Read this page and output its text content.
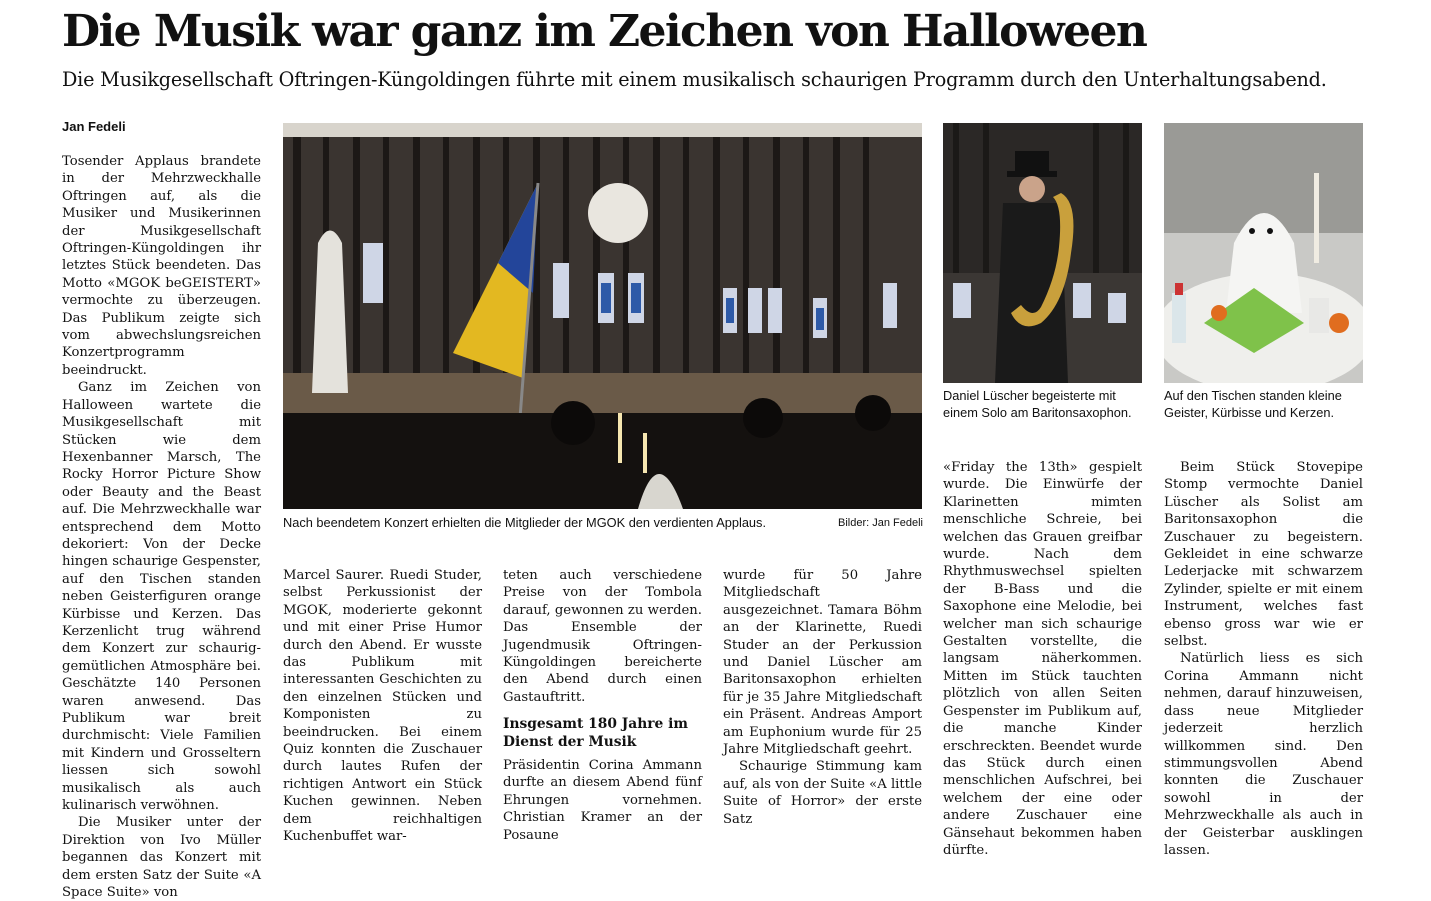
Die Musik war ganz im Zeichen von Halloween

Die Musikgesellschaft Oftringen-Küngoldingen führte mit einem musikalisch schaurigen Programm durch den Unterhaltungsabend.

Jan Fedeli

Tosender Applaus brandete in der Mehrzweckhalle Oftringen auf, als die Musiker und Musikerinnen der Musikgesellschaft Oftringen-Küngoldingen ihr letztes Stück beendeten. Das Motto «MGOK beGEISTERT» vermochte zu überzeugen. Das Publikum zeigte sich vom abwechslungsreichen Konzertprogramm beeindruckt.

Ganz im Zeichen von Halloween wartete die Musikgesellschaft mit Stücken wie dem Hexenbanner Marsch, The Rocky Horror Picture Show oder Beauty and the Beast auf. Die Mehrzweckhalle war entsprechend dem Motto dekoriert: Von der Decke hingen schaurige Gespenster, auf den Tischen standen neben Geisterfiguren orange Kürbisse und Kerzen. Das Kerzenlicht trug während dem Konzert zur schaurig-gemütlichen Atmosphäre bei. Geschätzte 140 Personen waren anwesend. Das Publikum war breit durchmischt: Viele Familien mit Kindern und Grosseltern liessen sich sowohl musikalisch als auch kulinarisch verwöhnen.

Die Musiker unter der Direktion von Ivo Müller begannen das Konzert mit dem ersten Satz der Suite «A Space Suite» von

Nach beendetem Konzert erhielten die Mitglieder der MGOK den verdienten Applaus.	Bilder: Jan Fedeli
Daniel Lüscher begeisterte mit einem Solo am Baritonsaxophon.
Auf den Tischen standen kleine Geister, Kürbisse und Kerzen.

Marcel Saurer. Ruedi Studer, selbst Perkussionist der MGOK, moderierte gekonnt und mit einer Prise Humor durch den Abend. Er wusste das Publikum mit interessanten Geschichten zu den einzelnen Stücken und Komponisten zu beeindrucken. Bei einem Quiz konnten die Zuschauer durch lautes Rufen der richtigen Antwort ein Stück Kuchen gewinnen. Neben dem reichhaltigen Kuchenbuffet war-

teten auch verschiedene Preise von der Tombola darauf, gewonnen zu werden. Das Ensemble der Jugendmusik Oftringen-Küngoldingen bereicherte den Abend durch einen Gastauftritt.

Insgesamt 180 Jahre im Dienst der Musik

Präsidentin Corina Ammann durfte an diesem Abend fünf Ehrungen vornehmen. Christian Kramer an der Posaune

wurde für 50 Jahre Mitgliedschaft ausgezeichnet. Tamara Böhm an der Klarinette, Ruedi Studer an der Perkussion und Daniel Lüscher am Baritonsaxophon erhielten für je 35 Jahre Mitgliedschaft ein Präsent. Andreas Amport am Euphonium wurde für 25 Jahre Mitgliedschaft geehrt.

Schaurige Stimmung kam auf, als von der Suite «A little Suite of Horror» der erste Satz

«Friday the 13th» gespielt wurde. Die Einwürfe der Klarinetten mimten menschliche Schreie, bei welchen das Grauen greifbar wurde. Nach dem Rhythmuswechsel spielten der B-Bass und die Saxophone eine Melodie, bei welcher man sich schaurige Gestalten vorstellte, die langsam näherkommen. Mitten im Stück tauchten plötzlich von allen Seiten Gespenster im Publikum auf, die manche Kinder erschreckten. Beendet wurde das Stück durch einen menschlichen Aufschrei, bei welchem der eine oder andere Zuschauer eine Gänsehaut bekommen haben dürfte.

Beim Stück Stovepipe Stomp vermochte Daniel Lüscher als Solist am Baritonsaxophon die Zuschauer zu begeistern. Gekleidet in eine schwarze Lederjacke mit schwarzem Zylinder, spielte er mit einem Instrument, welches fast ebenso gross war wie er selbst.

Natürlich liess es sich Corina Ammann nicht nehmen, darauf hinzuweisen, dass neue Mitglieder jederzeit herzlich willkommen sind. Den stimmungsvollen Abend konnten die Zuschauer sowohl in der Mehrzweckhalle als auch in der Geisterbar ausklingen lassen.
